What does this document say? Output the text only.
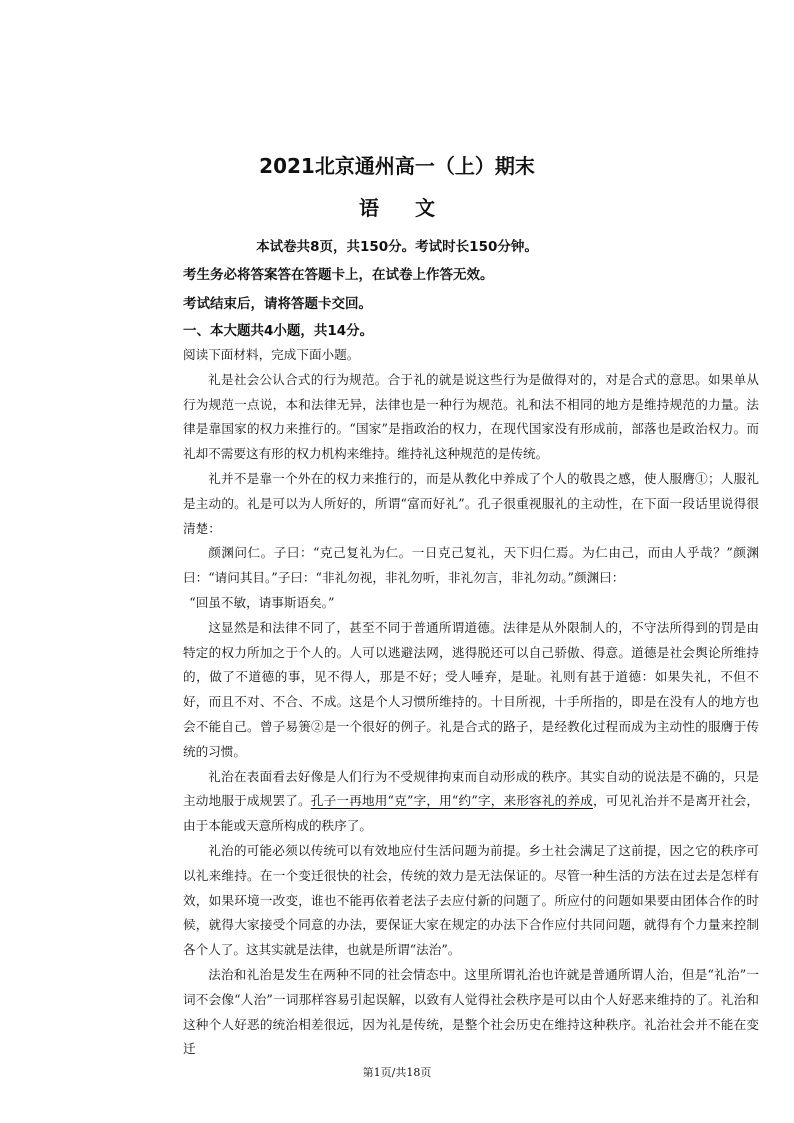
2021北京通州高一（上）期末
语文
本试卷共8页，共150分。考试时长150分钟。
考生务必将答案答在答题卡上，在试卷上作答无效。
考试结束后，请将答题卡交回。
一、本大题共4小题，共14分。

阅读下面材料，完成下面小题。

礼是社会公认合式的行为规范。合于礼的就是说这些行为是做得对的，对是合式的意思。如果单从行为规范一点说，本和法律无异，法律也是一种行为规范。礼和法不相同的地方是维持规范的力量。法律是靠国家的权力来推行的。“国家”是指政治的权力，在现代国家没有形成前，部落也是政治权力。而礼却不需要这有形的权力机构来维持。维持礼这种规范的是传统。

礼并不是靠一个外在的权力来推行的，而是从教化中养成了个人的敬畏之感，使人服膺①；人服礼是主动的。礼是可以为人所好的，所谓“富而好礼”。孔子很重视服礼的主动性，在下面一段话里说得很清楚：

颜渊问仁。子曰：“克己复礼为仁。一日克己复礼，天下归仁焉。为仁由己，而由人乎哉？”颜渊曰：“请问其目。”子曰：“非礼勿视，非礼勿听，非礼勿言，非礼勿动。”颜渊曰：

“回虽不敏，请事斯语矣。”

这显然是和法律不同了，甚至不同于普通所谓道德。法律是从外限制人的，不守法所得到的罚是由特定的权力所加之于个人的。人可以逃避法网，逃得脱还可以自己骄傲、得意。道德是社会舆论所维持的，做了不道德的事，见不得人，那是不好；受人唾弃，是耻。礼则有甚于道德：如果失礼，不但不好，而且不对、不合、不成。这是个人习惯所维持的。十目所视，十手所指的，即是在没有人的地方也会不能自己。曾子易箦②是一个很好的例子。礼是合式的路子，是经教化过程而成为主动性的服膺于传统的习惯。

礼治在表面看去好像是人们行为不受规律拘束而自动形成的秩序。其实自动的说法是不确的，只是主动地服于成规罢了。孔子一再地用“克”字，用“约”字，来形容礼的养成，可见礼治并不是离开社会，由于本能或天意所构成的秩序了。

礼治的可能必须以传统可以有效地应付生活问题为前提。乡土社会满足了这前提，因之它的秩序可以礼来维持。在一个变迁很快的社会，传统的效力是无法保证的。尽管一种生活的方法在过去是怎样有效，如果环境一改变，谁也不能再依着老法子去应付新的问题了。所应付的问题如果要由团体合作的时候，就得大家接受个同意的办法，要保证大家在规定的办法下合作应付共同问题，就得有个力量来控制各个人了。这其实就是法律，也就是所谓“法治”。

法治和礼治是发生在两种不同的社会情态中。这里所谓礼治也许就是普通所谓人治，但是“礼治”一词不会像“人治”一词那样容易引起误解，以致有人觉得社会秩序是可以由个人好恶来维持的了。礼治和这种个人好恶的统治相差很远，因为礼是传统，是整个社会历史在维持这种秩序。礼治社会并不能在变迁

第1页/共18页
